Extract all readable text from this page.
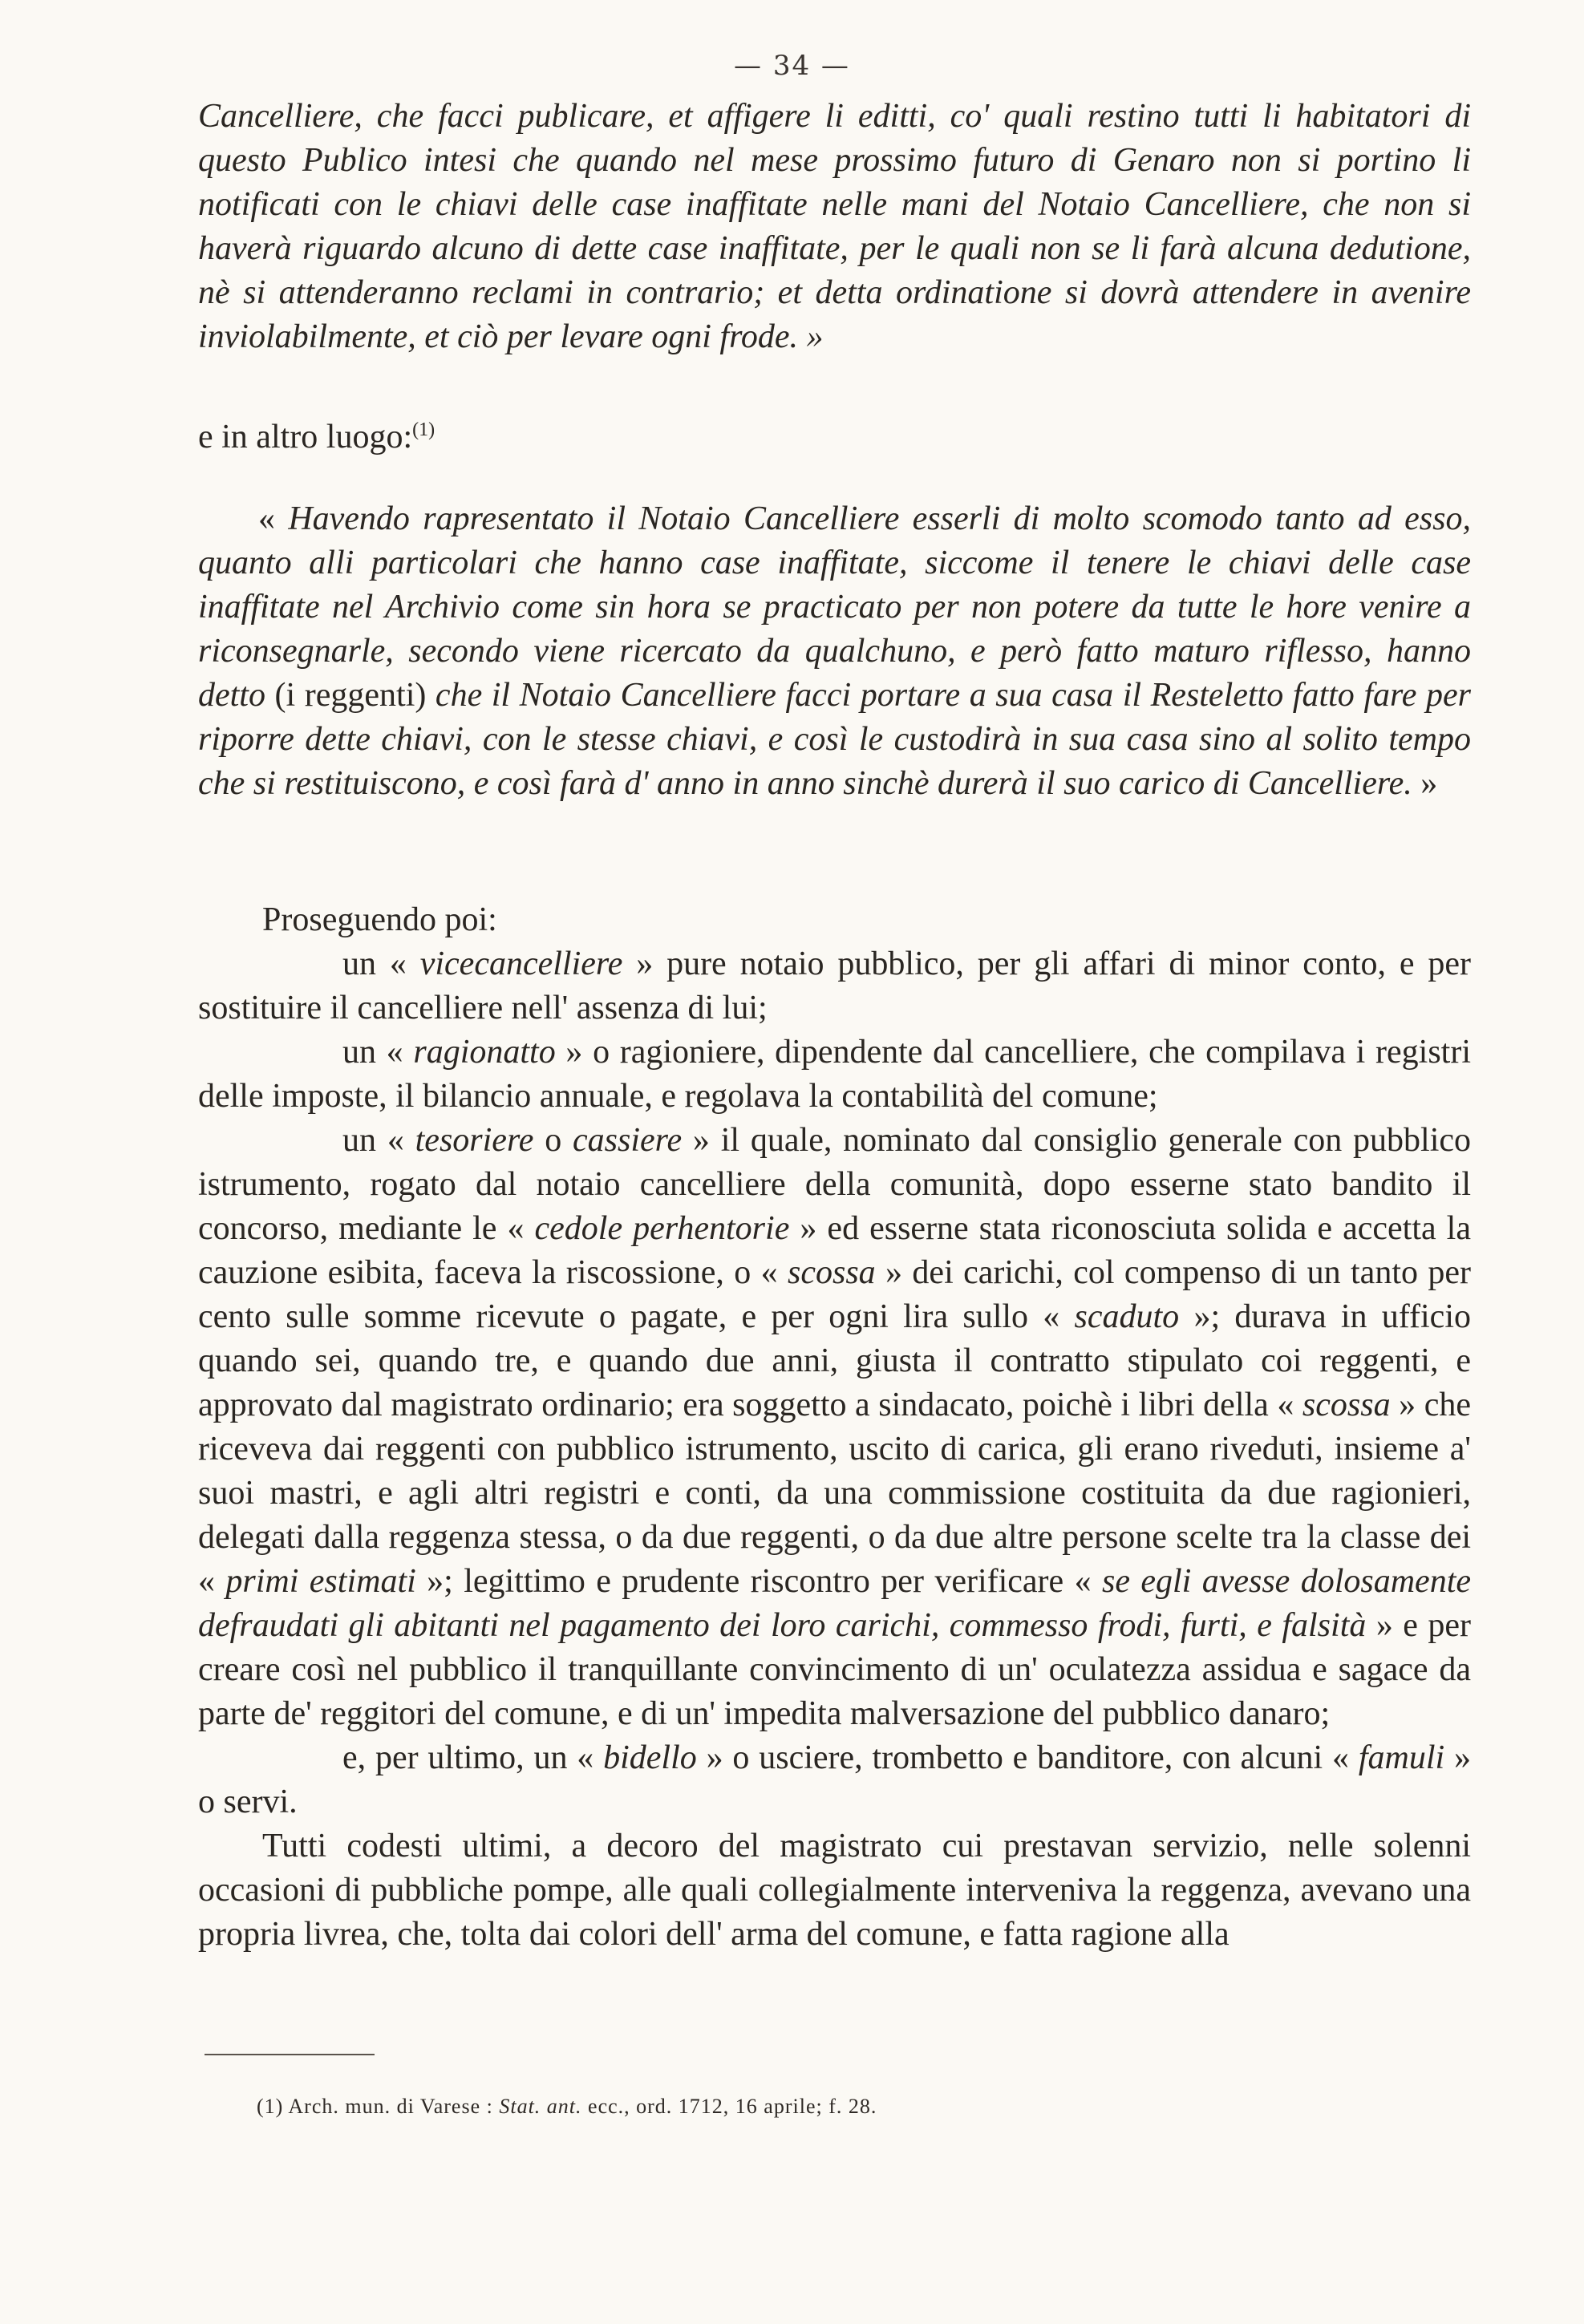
— 34 —

Cancelliere, che facci publicare, et affigere li editti, co' quali restino tutti li habitatori di questo Publico intesi che quando nel mese prossimo futuro di Genaro non si portino li notificati con le chiavi delle case inaffitate nelle mani del Notaio Cancelliere, che non si haverà riguardo alcuno di dette case inaffitate, per le quali non se li farà alcuna dedutione, nè si attenderanno reclami in contrario; et detta ordinatione si dovrà attendere in avenire inviolabilmente, et ciò per levare ogni frode. »

e in altro luogo:$^{(1)}$

« Havendo rapresentato il Notaio Cancelliere esserli di molto scomodo tanto ad esso, quanto alli particolari che hanno case inaffitate, siccome il tenere le chiavi delle case inaffitate nel Archivio come sin hora se practicato per non potere da tutte le hore venire a riconsegnarle, secondo viene ricercato da qualchuno, e però fatto maturo riflesso, hanno detto (i reggenti) che il Notaio Cancelliere facci portare a sua casa il Resteletto fatto fare per riporre dette chiavi, con le stesse chiavi, e così le custodirà in sua casa sino al solito tempo che si restituiscono, e così farà d' anno in anno sinchè durerà il suo carico di Cancelliere. »

Proseguendo poi:

un « vicecancelliere » pure notaio pubblico, per gli affari di minor conto, e per sostituire il cancelliere nell' assenza di lui;

un « ragionatto » o ragioniere, dipendente dal cancelliere, che compilava i registri delle imposte, il bilancio annuale, e regolava la contabilità del comune;

un « tesoriere o cassiere » il quale, nominato dal consiglio generale con pubblico istrumento, rogato dal notaio cancelliere della comunità, dopo esserne stato bandito il concorso, mediante le « cedole perhentorie » ed esserne stata riconosciuta solida e accetta la cauzione esibita, faceva la riscossione, o « scossa » dei carichi, col compenso di un tanto per cento sulle somme ricevute o pagate, e per ogni lira sullo « scaduto »; durava in ufficio quando sei, quando tre, e quando due anni, giusta il contratto stipulato coi reggenti, e approvato dal magistrato ordinario; era soggetto a sindacato, poichè i libri della « scossa » che riceveva dai reggenti con pubblico istrumento, uscito di carica, gli erano riveduti, insieme a' suoi mastri, e agli altri registri e conti, da una commissione costituita da due ragionieri, delegati dalla reggenza stessa, o da due reggenti, o da due altre persone scelte tra la classe dei « primi estimati »; legittimo e prudente riscontro per verificare « se egli avesse dolosamente defraudati gli abitanti nel pagamento dei loro carichi, commesso frodi, furti, e falsità » e per creare così nel pubblico il tranquillante convincimento di un' oculatezza assidua e sagace da parte de' reggitori del comune, e di un' impedita malversazione del pubblico danaro;

e, per ultimo, un « bidello » o usciere, trombetto e banditore, con alcuni « famuli » o servi.

Tutti codesti ultimi, a decoro del magistrato cui prestavan servizio, nelle solenni occasioni di pubbliche pompe, alle quali collegialmente interveniva la reggenza, avevano una propria livrea, che, tolta dai colori dell' arma del comune, e fatta ragione alla

(1) Arch. mun. di Varese : Stat. ant. ecc., ord. 1712, 16 aprile; f. 28.
